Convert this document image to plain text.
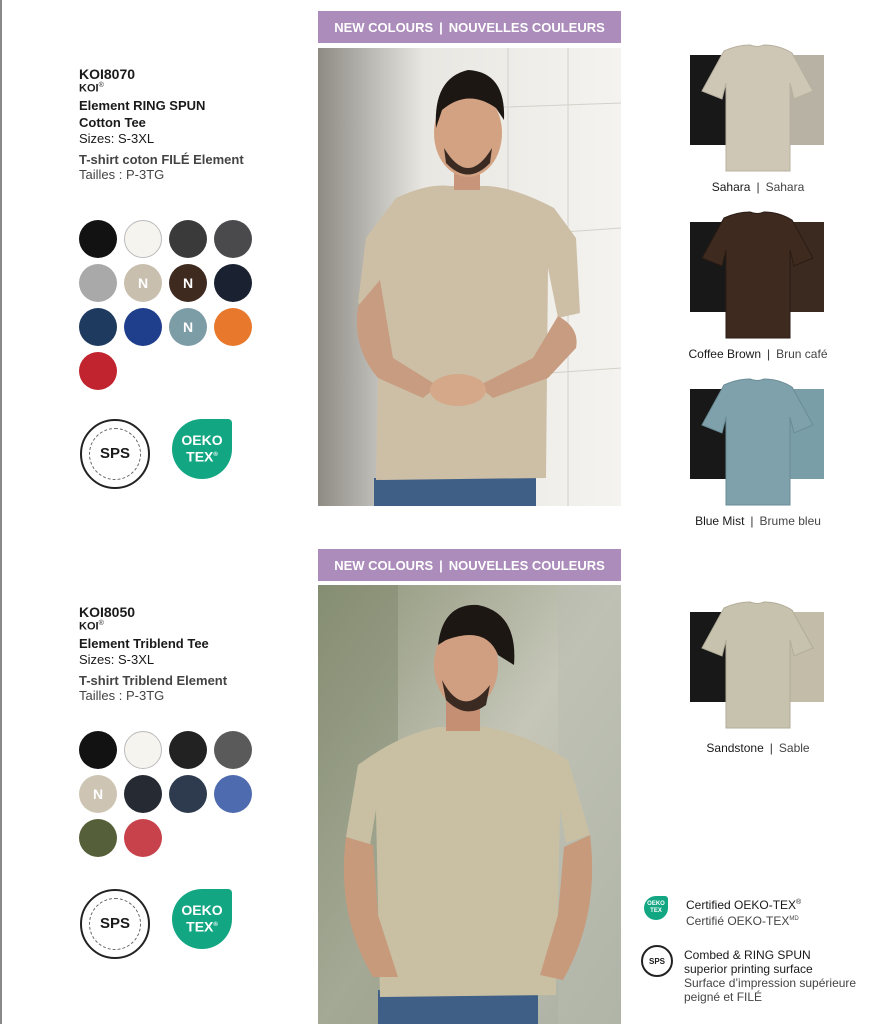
NEW COLOURS | NOUVELLES COULEURS
KOI8070
KOI®
Element RING SPUN
Cotton Tee
Sizes: S-3XL
T-shirt coton FILÉ Element
Tailles : P-3TG
N	N
N
SPS
OEKO
TEX®
Sahara | Sahara
Coffee Brown | Brun café
Blue Mist | Brume bleu
NEW COLOURS | NOUVELLES COULEURS
KOI8050
KOI®
Element Triblend Tee
Sizes: S-3XL
T-shirt Triblend Element
Tailles : P-3TG
N
SPS
OEKO
TEX®
Sandstone | Sable
OEKO
TEX Certified OEKO-TEX®
Certifié OEKO-$TEX^{MD}$
SPS Combed & RING SPUN
superior printing surface
Surface d’impression supérieure
peigné et FILÉ
